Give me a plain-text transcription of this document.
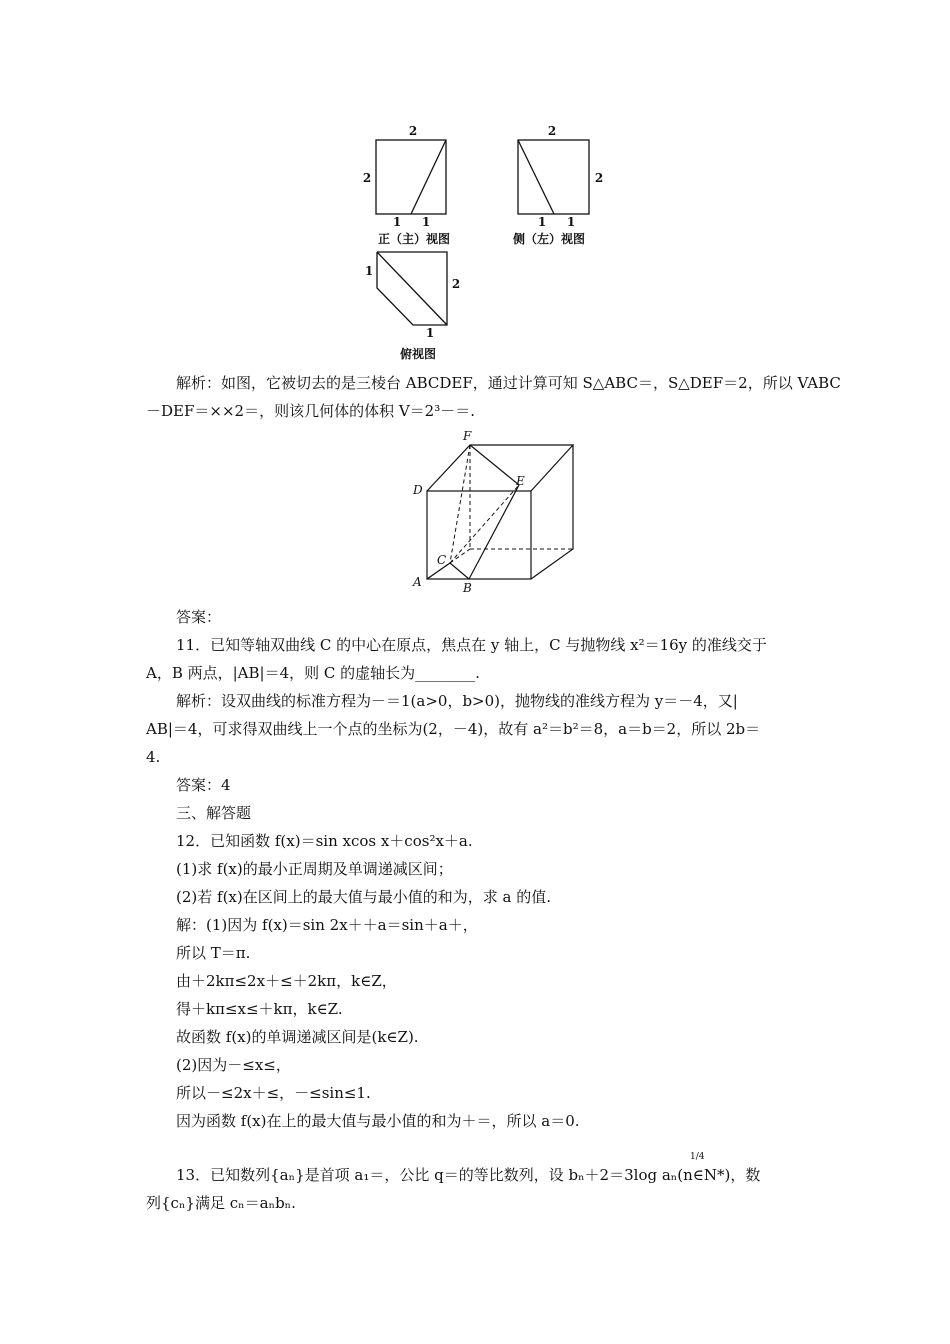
2
2
1 1
正（主）视图
2
2
1 1
侧（左）视图
1
2
1
俯视图
解析：如图，它被切去的是三棱台 ABCDEF，通过计算可知 S△ABC＝，S△DEF＝2，所以 VABC
－DEF＝××2＝，则该几何体的体积 V＝2³－＝.
F
D
E
C
A	B
答案：
11．已知等轴双曲线 C 的中心在原点，焦点在 y 轴上，C 与抛物线 x²＝16y 的准线交于
A，B 两点，|AB|＝4，则 C 的虚轴长为________.
解析：设双曲线的标准方程为－＝1(a>0，b>0)，抛物线的准线方程为 y＝－4，又|
AB|＝4，可求得双曲线上一个点的坐标为(2，－4)，故有 a²＝b²＝8，a＝b＝2，所以 2b＝
4.
答案：4
三、解答题
12．已知函数 f(x)＝sin xcos x＋cos²x＋a.
(1)求 f(x)的最小正周期及单调递减区间；
(2)若 f(x)在区间上的最大值与最小值的和为，求 a 的值.
解：(1)因为 f(x)＝sin 2x＋＋a＝sin＋a＋，
所以 T＝π.
由＋2kπ≤2x＋≤＋2kπ，k∈Z，
得＋kπ≤x≤＋kπ，k∈Z.
故函数 f(x)的单调递减区间是(k∈Z).
(2)因为－≤x≤，
所以－≤2x＋≤，－≤sin≤1.
因为函数 f(x)在上的最大值与最小值的和为＋＝，所以 a＝0.
13．已知数列{aₙ}是首项 a₁＝，公比 q＝的等比数列，设 bₙ＋2＝3log aₙ(n∈N*)，数
1/4
列{cₙ}满足 cₙ＝aₙbₙ.
